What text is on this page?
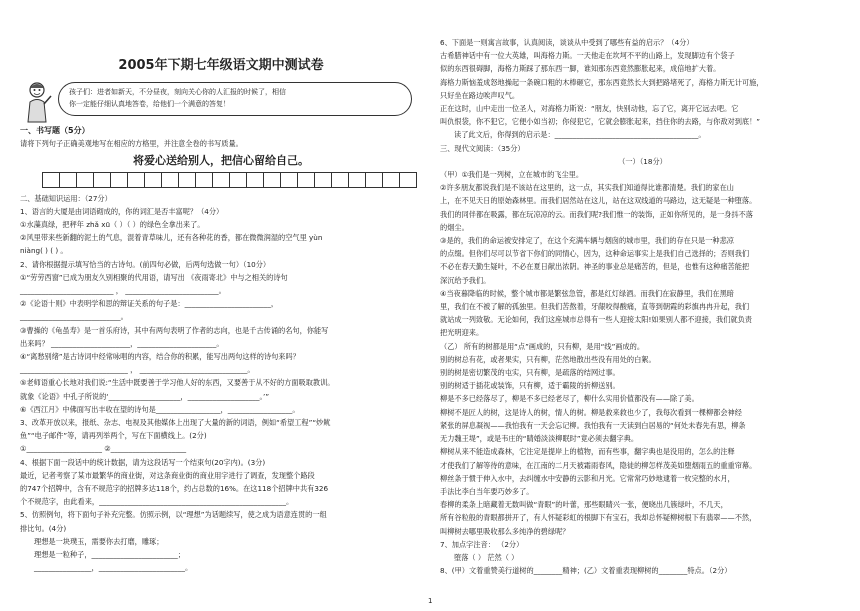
2005年下期七年级语文期中测试卷
孩子们：进者如新天，不分昼夜，刻向关心你的人汇报的时候了，相信
你一定能仔细认真地答卷，给他们一个满意的答复！
一、书写题（5分）
请将下列句子正确美观地写在相应的方格里，并注意全卷的书写质量。
将爱心送给别人，把信心留给自己。
二、基础知识运用：（27分）
1、语言的大厦是由词语砌成的，你的词汇是否丰富呢？（4分）
①水藻真绿，把秤年 zhǎ xū（ ）（ ）的绿色全拿出来了。
②风里带来些新翻的泥土的气息，混着青草味儿，还有各种花的香，都在微微润湿的空气里 yùn
niàng( ) ( ) 。
2、请你根据提示填写恰当的古诗句。(前四句必做，后两句选做一句）（10分）
①“劳劳西窗”已成为朋友久别相聚的代用语，请写出 《夜雨寄北》中与之相关的诗句
__________________________ ， __________________________。
②《论语十则》中表明学和思的辩证关系的句子是：________________________，
____________________________。
③曹操的《龟虽寿》是一首乐府诗，其中有两句表明了作者的志向，也是千古传诵的名句，你能写
出来吗？ ______________________，______________________。
④“离愁别绪”是古诗词中经常咏唱的内容，结合你的积累，能写出两句这样的诗句来吗？
______________________________ ， ______________________________。
⑤老师语重心长地对我们说:“生活中既要善于学习他人好的东西，又要善于从不好的方面吸取教训。
就象《论语》中孔子所说的‘____________________，____________________。’”
⑥《西江月》中佛面写出丰收在望的诗句是__________________，__________________。
3、改革开放以来，报纸、杂志、电视及其他媒体上出现了大量的新的词语，例如“希望工程”“炒鱿
鱼”“电子邮件”等，请再列举两个，写在下面横线上。(2分)
①_____________________ ②_____________________
4、根据下面一段话中的统计数据，请为这段话写一个结束句(20字内)。(3分)
最近，记者考察了某市最繁华的商业街，对这条商业街的商业用字进行了调查，发现整个路段
的747个招牌中，含有不规范字的招牌多达118个，约占总数的16%。在这118个招牌中共有326
个不规范字，由此看来，____________________________________________________。
5、仿照例句，将下面句子补充完整。仿照示例，以“理想”为话题续写，使之成为语意连贯的一组
排比句。(4分)
理想是一块璞玉，需要你去打磨，雕琢；
理想是一粒种子，________________________；
________________，________________________。
6、下面是一则寓言故事，认真阅读，谈谈从中受到了哪些有益的启示？（4分）
古希腊神话中有一位大英雄，叫海格力斯。一天他走在坎坷不平的山路上，发现脚边有个袋子
似的东西很碍脚，海格力斯踩了那东西一脚，谁知那东西竟然膨胀起来，成倍地扩大着。
海格力斯恼羞成怒地操起一条碗口粗的木棒砸它，那东西竟然长大到把路堵死了，海格力斯无计可施，
只好坐在路边唉声叹气。
正在这时，山中走出一位圣人，对海格力斯说：“朋友，快别动他，忘了它，离开它远去吧。它
叫仇恨袋，你不犯它，它便小如当初；你侵犯它，它就会膨胀起来，挡住你的去路，与你敌对到底！”
读了此文后，你得到的启示是：________________________________________。
三、现代文阅读：（35分）
（一）（18分）
（甲）①我们是一列树，立在城市的飞尘里。
②许多朋友都说我们是不该站在这里的，这一点，其实我们知道得比谁都清楚。我们的家在山
上，在不见天日的原始森林里。而我们居然站在这儿，站在这双线道的马路边，这无疑是一种堕落。
我们的同伴都在吸露，都在玩凉凉的云。而我们呢?我们惟一的装饰，正如你所见的，是一身抖不落
的烟尘。
③是的，我们的命运被安排定了，在这个充满车辆与烟囱的城市里，我们的存在只是一种悲凉
的点缀。但你们尽可以节省下你们的同情心，因为，这种命运事实上是我们自己选择的；否则我们
不必在春天勤生疑叶，不必在夏日献出浓阴。神圣的事业总是痛苦的，但是，也惟有这种痛苦能把
深沉给予我们。
④当夜暮降临的时候，整个城市都是繁弦急管，都是红灯绿酒。而我们在寂静里，我们在黑暗
里，我们在不被了解的孤独里。但我们苦熬着，牙龈咬得酸痛，直等到朝霞的彩旗冉冉升起，我们
就站成一列致敬。无论如何，我们这座城市总得有一些人迎接太阳!如果别人都不迎接，我们就负责
把光明迎来。
（乙） 所有的树都是用“点”画成的，只有柳，是用“线”画成的。
别的树总有花，或者果实，只有柳，茫然地散出些没有用处的白絮。
别的树是密切繁茂的屯实，只有柳，是疏落的结网过事。
别的树适于插花或装饰，只有柳，适于霸陵的折柳送别。
柳是不多已经落尽了，柳是不多已经老尽了，柳什么实用价值都没有——除了美。
柳树不是匠人的树，这是诗人的树，情人的树。柳是救来救也少了，我每次看到一棵柳都会神经
紧张的屏息凝视——我怕我有一天会忘记柳。我怕我有一天读到白居易的“何处未春先有思，柳条
无力魏王堤”，或是韦庄的“睛婚淡淡柳眠时”竟必须去翻字典。
柳树从来不能造成森林，它注定是提岸上的植物，而有些事，翻字典也是没用的，怎么的注释
才使我们了解等待的意味，在江南的二月天被霜雨春风，隐徒的柳怎样茂美如堕烟雨五的重重帘幕。
柳丝条于惯于伸入水中，去纠缠水中安静的云影和月光。它常常巧妙地逮着一枚完整的水月，
手法比李白当年要巧妙多了。
春柳的柔条上暗藏着无数叫做“青眼”的叶蕾，那些眼睛兴一张，便晓出几簇绿叶，不几天，
所有谷粒般的青眼都拼开了，有人怀疑彩虹的根脚下有宝石，我却总怀疑柳树根下有翡翠——不然，
叫柳树去哪里吸收那么多纯净的碧绿呢？
7、加点字注音： （2分）
堕落（ ） 茫然（ ）
8、(甲）文着重赞美行道树的________精神；(乙）文着重表现柳树的________特点。（2分）
1
